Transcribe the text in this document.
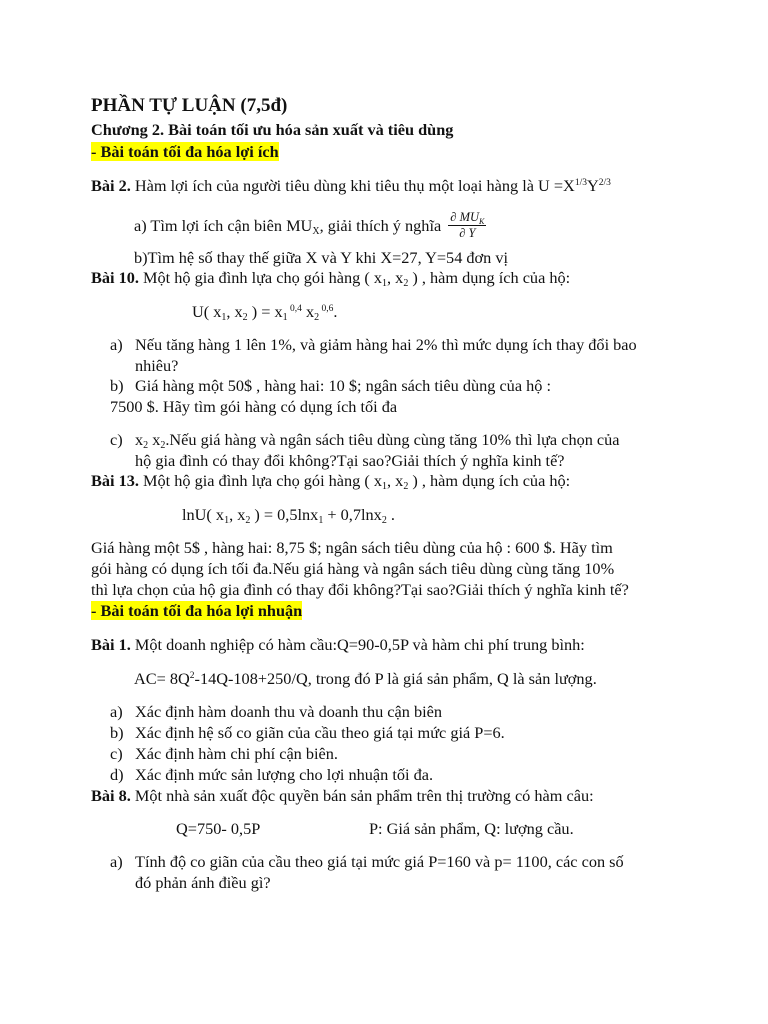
PHẦN TỰ LUẬN (7,5đ)
Chương 2. Bài toán tối ưu hóa sản xuất và tiêu dùng
- Bài toán tối đa hóa lợi ích
Bài 2. Hàm lợi ích của người tiêu dùng khi tiêu thụ một loại hàng là $U =X^{1/3}Y^{2/3}$
a) Tìm lợi ích cận biên $MU_X$, giải thích ý nghĩa $\frac{\partial MU_K}{\partial Y}$
b)Tìm hệ số thay thế giữa X và Y khi X=27, Y=54 đơn vị
Bài 10. Một hộ gia đình lựa chọ gói hàng ( $x_1$, $x_2$ ) , hàm dụng ích của hộ:
U( $x_1$, $x_2$ ) = $x_1$ $^{0,4}$ $x_2$ $^{0,6}$.
a) Nếu tăng hàng 1 lên 1%, và giảm hàng hai 2% thì mức dụng ích thay đổi bao
nhiêu?
b) Giá hàng một 50$ , hàng hai: 10 $; ngân sách tiêu dùng của hộ :
7500 $. Hãy tìm gói hàng có dụng ích tối đa
c) $x_2$ $x_2.Nếu$ giá hàng và ngân sách tiêu dùng cùng tăng 10% thì lựa chọn của
hộ gia đình có thay đổi không?Tại sao?Giải thích ý nghĩa kinh tế?
Bài 13. Một hộ gia đình lựa chọ gói hàng ( $x_1$, $x_2$ ) , hàm dụng ích của hộ:
lnU( $x_1$, $x_2$ ) = 0,5lnx$_1$ + 0,7lnx$_2$ .
Giá hàng một 5$ , hàng hai: 8,75 $; ngân sách tiêu dùng của hộ : 600 $. Hãy tìm
gói hàng có dụng ích tối đa.Nếu giá hàng và ngân sách tiêu dùng cùng tăng 10%
thì lựa chọn của hộ gia đình có thay đổi không?Tại sao?Giải thích ý nghĩa kinh tế?
- Bài toán tối đa hóa lợi nhuận
Bài 1. Một doanh nghiệp có hàm cầu:Q=90-0,5P và hàm chi phí trung bình:
$AC= 8Q^2-14Q-108+250/Q$, trong đó P là giá sản phẩm, Q là sản lượng.
a) Xác định hàm doanh thu và doanh thu cận biên
b) Xác định hệ số co giãn của cầu theo giá tại mức giá P=6.
c) Xác định hàm chi phí cận biên.
d) Xác định mức sản lượng cho lợi nhuận tối đa.
Bài 8. Một nhà sản xuất độc quyền bán sản phẩm trên thị trường có hàm câu:
Q=750- 0,5P	P: Giá sản phẩm, Q: lượng cầu.
a) Tính độ co giãn của cầu theo giá tại mức giá P=160 và p= 1100, các con số
đó phản ánh điều gì?
